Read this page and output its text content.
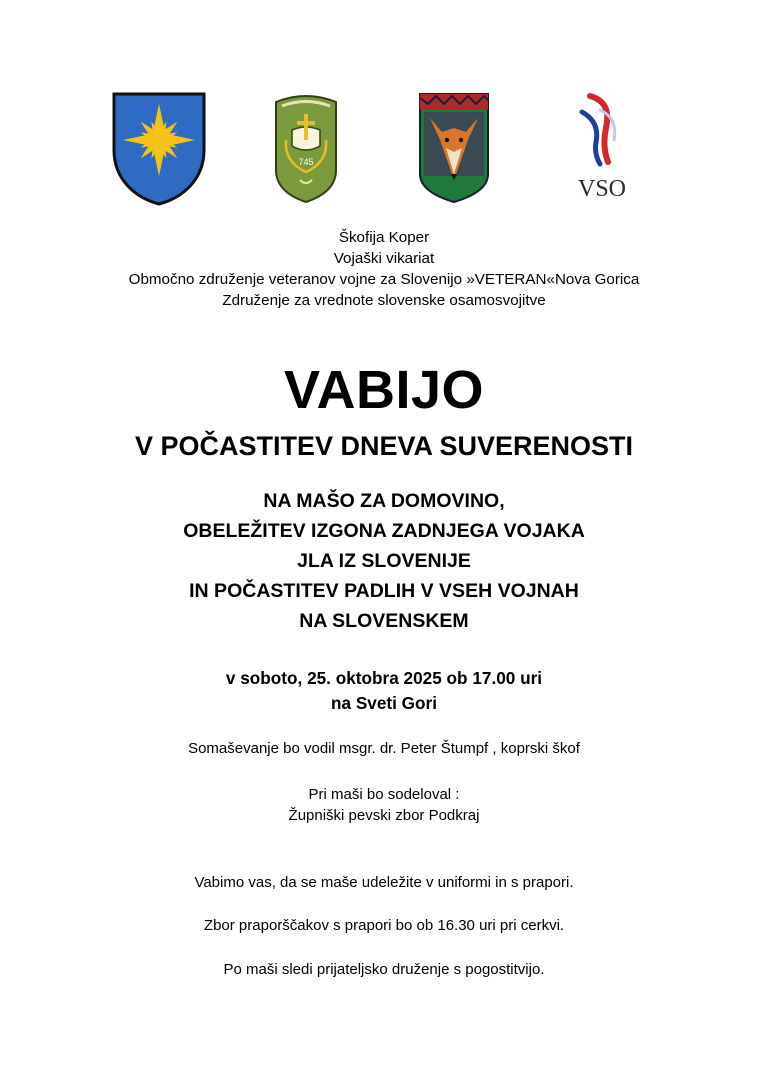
745
VSO
Škofija Koper
Vojaški vikariat
Območno združenje veteranov vojne za Slovenijo »VETERAN«Nova Gorica
Združenje za vrednote slovenske osamosvojitve
VABIJO
V POČASTITEV DNEVA SUVERENOSTI
NA MAŠO ZA DOMOVINO,
OBELEŽITEV IZGONA ZADNJEGA VOJAKA
JLA IZ SLOVENIJE
IN POČASTITEV PADLIH V VSEH VOJNAH
NA SLOVENSKEM
v soboto, 25. oktobra 2025 ob 17.00 uri
na Sveti Gori
Somaševanje bo vodil msgr. dr. Peter Štumpf , koprski škof
Pri maši bo sodeloval :
Župniški pevski zbor Podkraj
Vabimo vas, da se maše udeležite v uniformi in s prapori.
Zbor praporščakov s prapori bo ob 16.30 uri pri cerkvi.
Po maši sledi prijateljsko druženje s pogostitvijo.
